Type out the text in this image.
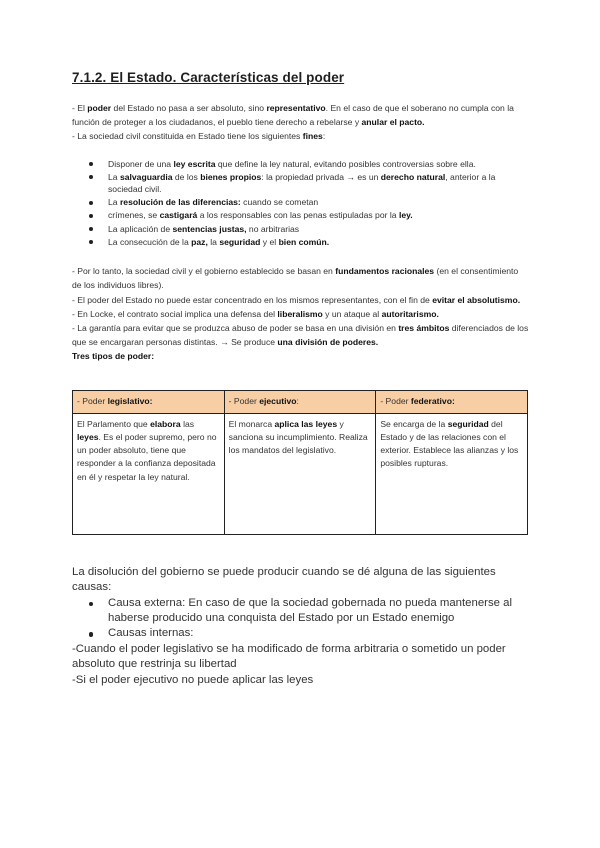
7.1.2. El Estado. Características del poder

- El poder del Estado no pasa a ser absoluto, sino representativo. En el caso de que el soberano no cumpla con la función de proteger a los ciudadanos, el pueblo tiene derecho a rebelarse y anular el pacto.

- La sociedad civil constituida en Estado tiene los siguientes fines:

Disponer de una ley escrita que define la ley natural, evitando posibles controversias sobre ella.
La salvaguardia de los bienes propios: la propiedad privada → es un derecho natural, anterior a la sociedad civil.
La resolución de las diferencias: cuando se cometan
crímenes, se castigará a los responsables con las penas estipuladas por la ley.
La aplicación de sentencias justas, no arbitrarias
La consecución de la paz, la seguridad y el bien común.

- Por lo tanto, la sociedad civil y el gobierno establecido se basan en fundamentos racionales (en el consentimiento de los individuos libres).

- El poder del Estado no puede estar concentrado en los mismos representantes, con el fin de evitar el absolutismo.

- En Locke, el contrato social implica una defensa del liberalismo y un ataque al autoritarismo.

- La garantía para evitar que se produzca abuso de poder se basa en una división en tres ámbitos diferenciados de los que se encargaran personas distintas. → Se produce una división de poderes.

Tres tipos de poder:

- Poder legislativo:	- Poder ejecutivo:	- Poder federativo:
El Parlamento que elabora las leyes. Es el poder supremo, pero no un poder absoluto, tiene que responder a la confianza depositada en él y respetar la ley natural.	El monarca aplica las leyes y sanciona su incumplimiento. Realiza los mandatos del legislativo.	Se encarga de la seguridad del Estado y de las relaciones con el exterior. Establece las alianzas y los posibles rupturas.

La disolución del gobierno se puede producir cuando se dé alguna de las siguientes causas:

Causa externa: En caso de que la sociedad gobernada no pueda mantenerse al haberse producido una conquista del Estado por un Estado enemigo
Causas internas:

-Cuando el poder legislativo se ha modificado de forma arbitraria o sometido un poder absoluto que restrinja su libertad

-Si el poder ejecutivo no puede aplicar las leyes
